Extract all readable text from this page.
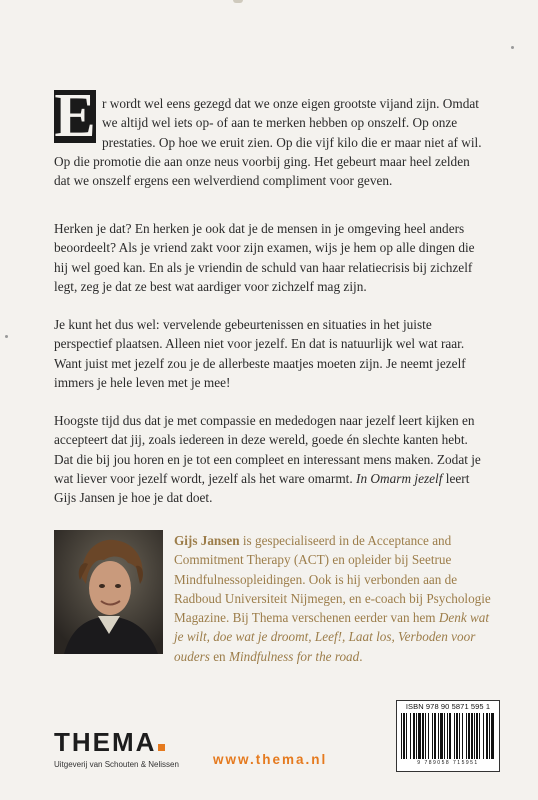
E r wordt wel eens gezegd dat we onze eigen grootste vijand zijn. Omdat
we altijd wel iets op- of aan te merken hebben op onszelf. Op onze
prestaties. Op hoe we eruit zien. Op die vijf kilo die er maar niet af wil.
Op die promotie die aan onze neus voorbij ging. Het gebeurt maar heel zelden
dat we onszelf ergens een welverdiend compliment voor geven.

Herken je dat? En herken je ook dat je de mensen in je omgeving heel anders beoordeelt? Als je vriend zakt voor zijn examen, wijs je hem op alle dingen die hij wel goed kan. En als je vriendin de schuld van haar relatiecrisis bij zichzelf legt, zeg je dat ze best wat aardiger voor zichzelf mag zijn.

Je kunt het dus wel: vervelende gebeurtenissen en situaties in het juiste perspectief plaatsen. Alleen niet voor jezelf. En dat is natuurlijk wel wat raar. Want juist met jezelf zou je de allerbeste maatjes moeten zijn. Je neemt jezelf immers je hele leven met je mee!

Hoogste tijd dus dat je met compassie en mededogen naar jezelf leert kijken en accepteert dat jij, zoals iedereen in deze wereld, goede én slechte kanten hebt. Dat die bij jou horen en je tot een compleet en interessant mens maken. Zodat je wat liever voor jezelf wordt, jezelf als het ware omarmt. In Omarm jezelf leert Gijs Jansen je hoe je dat doet.

Gijs Jansen is gespecialiseerd in de Acceptance and Commitment Therapy (ACT) en opleider bij Seetrue Mindfulnessopleidingen. Ook is hij verbonden aan de Radboud Universiteit Nijmegen, en e-coach bij Psychologie Magazine. Bij Thema verschenen eerder van hem Denk wat je wilt, doe wat je droomt, Leef!, Laat los, Verboden voor ouders en Mindfulness for the road.

ISBN 978 90 5871 595 1
9 789058 715951
THEMA
Uitgeverij van Schouten & Nelissen	www.thema.nl
